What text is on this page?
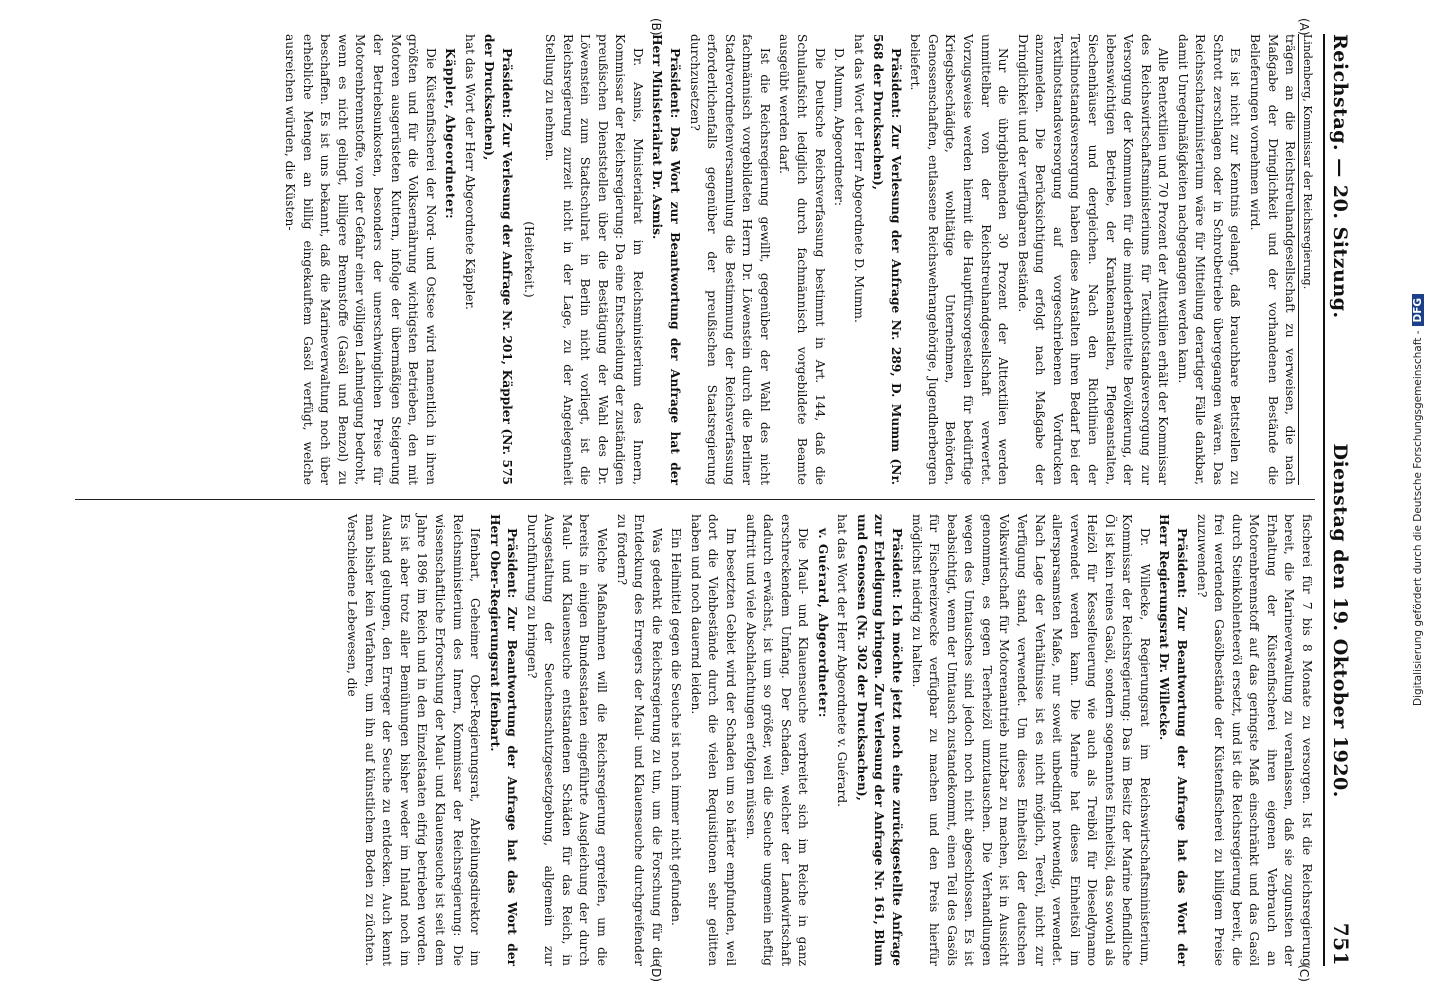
Reichstag. — 20. Sitzung.
Dienstag den 19. Oktober 1920.
751
(A)
(B)
(C)
(D)
Lindenberg, Kommissar der Reichsregierung.

trägen an die Reichstreuhandgesellschaft zu verweisen, die nach Maßgabe der Dringlichkeit und der vorhandenen Bestände die Belieferungen vornehmen wird.

Es ist nicht zur Kenntnis gelangt, daß brauchbare Bettstellen zu Schrott zerschlagen oder in Schrotbetriebe übergegangen wären. Das Reichsschatzministerium wäre für Mitteilung derartiger Fälle dankbar, damit Unregelmäßigkeiten nachgegangen werden kann.

Alle Rentextilien und 70 Prozent der Alttextilien erhält der Kommissar des Reichswirtschaftsministeriums für Textilnotstandsversorgung zur Versorgung der Kommunen für die minderbemittelte Bevölkerung, der lebenswichtigen Betriebe, der Krankenanstalten, Pflegeanstalten, Siechenhäuser und dergleichen. Nach den Richtlinien der Textilnotstandsversorgung haben diese Anstalten ihren Bedarf bei der Textilnotstandsversorgung auf vorgeschriebenen Vordrucken anzumelden. Die Berücksichtigung erfolgt nach Maßgabe der Dringlichkeit und der verfügbaren Bestände.

Nur die übrigbleibenden 30 Prozent der Alttextilien werden unmittelbar von der Reichstreuhandgesellschaft verwertet. Vorzugsweise werden hiermit die Hauptfürsorgestellen für bedürftige Kriegsbeschädigte, wohltätige Unternehmen, Behörden, Genossenschaften, entlassene Reichswehrangehörige, Jugendherbergen beliefert.

Präsident: Zur Verlesung der Anfrage Nr. 289, D. Mumm (Nr. 568 der Drucksachen),

hat das Wort der Herr Abgeordnete D. Mumm.

D. Mumm, Abgeordneter:

Die Deutsche Reichsverfassung bestimmt in Art. 144, daß die Schulaufsicht lediglich durch fachmännisch vorgebildete Beamte ausgeübt werden darf.

Ist die Reichsregierung gewillt, gegenüber der Wahl des nicht fachmännisch vorgebildeten Herrn Dr. Löwenstein durch die Berliner Stadtverordnetenversammlung die Bestimmung der Reichsverfassung erforderlichenfalls gegenüber der preußischen Staatsregierung durchzusetzen?

Präsident: Das Wort zur Beantwortung der Anfrage hat der Herr Ministerialrat Dr. Asmis.

Dr. Asmis, Ministerialrat im Reichsministerium des Innern, Kommissar der Reichsregierung: Da eine Entscheidung der zuständigen preußischen Dienststellen über die Bestätigung der Wahl des Dr. Löwenstein zum Stadtschulrat in Berlin nicht vorliegt, ist die Reichsregierung zurzeit nicht in der Lage, zu der Angelegenheit Stellung zu nehmen.

(Heiterkeit.)

Präsident: Zur Verlesung der Anfrage Nr. 201, Käppler (Nr. 575 der Drucksachen),

hat das Wort der Herr Abgeordnete Käppler.

Käppler, Abgeordneter:

Die Küstenfischerei der Nord- und Ostsee wird namentlich in ihren größten und für die Volksernährung wichtigsten Betrieben, den mit Motoren ausgerüsteten Kuttern, infolge der übermäßigen Steigerung der Betriebsunkosten, besonders der unerschwinglichen Preise für Motorenbrennstoffe, von der Gefahr einer völligen Lahmlegung bedroht, wenn es nicht gelingt, billigere Brennstoffe (Gasöl und Benzol) zu beschaffen. Es ist uns bekannt, daß die Marineverwaltung noch über erhebliche Mengen an billig eingekauftem Gasöl verfügt, welche ausreichen würden, die Küsten-

fischerei für 7 bis 8 Monate zu versorgen. Ist die Reichsregierung bereit, die Marineverwaltung zu veranlassen, daß sie zugunsten der Erhaltung der Küstenfischerei ihren eigenen Verbrauch an Motorenbrennstoff auf das geringste Maß einschränkt und das Gasöl durch Steinkohlenteeröl ersetzt, und ist die Reichsregierung bereit, die frei werdenden Gasölbestände der Küstenfischerei zu billigem Preise zuzuwenden?

Präsident: Zur Beantwortung der Anfrage hat das Wort der Herr Regierungsrat Dr. Willecke.

Dr. Willecke, Regierungsrat im Reichswirtschaftsministerium, Kommissar der Reichsregierung: Das im Besitz der Marine befindliche Öl ist kein reines Gasöl, sondern sogenanntes Einheitsöl, das sowohl als Heizöl für Kesselfeuerung wie auch als Treiböl für Dieseldynamo verwendet werden kann. Die Marine hat dieses Einheitsöl im allersparsamsten Maße, nur soweit unbedingt notwendig, verwendet. Nach Lage der Verhältnisse ist es nicht möglich, Teeröl, nicht zur Verfügung stand, verwendet. Um dieses Einheitsöl der deutschen Volkswirtschaft für Motorenantrieb nutzbar zu machen, ist in Aussicht genommen, es gegen Teerheizöl umzutauschen. Die Verhandlungen wegen des Umtausches sind jedoch noch nicht abgeschlossen. Es ist beabsichtigt, wenn der Umtausch zustandekommt, einen Teil des Gasöls für Fischereizwecke verfügbar zu machen und den Preis hierfür möglichst niedrig zu halten.

Präsident: Ich möchte jetzt noch eine zurückgestellte Anfrage zur Erledigung bringen. Zur Verlesung der Anfrage Nr. 161, Blum und Genossen (Nr. 302 der Drucksachen),

hat das Wort der Herr Abgeordnete v. Guérard.

v. Guérard, Abgeordneter:

Die Maul- und Klauenseuche verbreitet sich im Reiche in ganz erschreckendem Umfang. Der Schaden, welcher der Landwirtschaft dadurch erwächst, ist um so größer, weil die Seuche ungemein heftig auftritt und viele Abschlachtungen erfolgen müssen.

Im besetzten Gebiet wird der Schaden um so härter empfunden, weil dort die Viehbestände durch die vielen Requisitionen sehr gelitten haben und noch dauernd leiden.

Ein Heilmittel gegen die Seuche ist noch immer nicht gefunden.

Was gedenkt die Reichsregierung zu tun, um die Forschung für die Entdeckung des Erregers der Maul- und Klauenseuche durchgreifender zu fördern?

Welche Maßnahmen will die Reichsregierung ergreifen, um die bereits in einigen Bundesstaaten eingeführte Ausgleichung der durch Maul- und Klauenseuche entstandenen Schäden für das Reich, in Ausgestaltung der Seuchenschutzgesetzgebung, allgemein zur Durchführung zu bringen?

Präsident: Zur Beantwortung der Anfrage hat das Wort der Herr Ober-Regierungsrat Ifenbart.

Ifenbart, Geheimer Ober-Regierungsrat, Abteilungsdirektor im Reichsministerium des Innern, Kommissar der Reichsregierung: Die wissenschaftliche Erforschung der Maul- und Klauenseuche ist seit dem Jahre 1896 im Reich und in den Einzelstaaten eifrig betrieben worden. Es ist aber trotz aller Bemühungen bisher weder im Inland noch im Ausland gelungen, den Erreger der Seuche zu entdecken. Auch kennt man bisher kein Verfahren, um ihn auf künstlichem Boden zu züchten. Verschiedene Lebewesen, die	Digitalisierung gefördert durch die Deutsche Forschungsgemeinschaft -DFG
